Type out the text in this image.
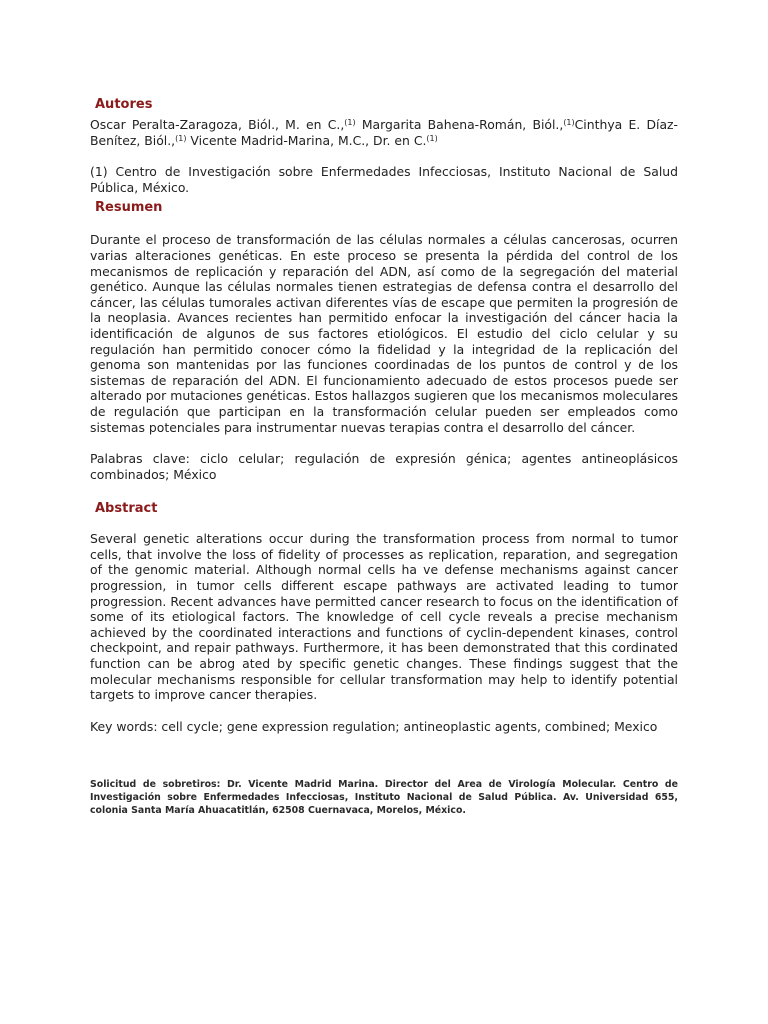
Autores

Oscar Peralta-Zaragoza, Biól., M. en C.,$^{(1)}$ Margarita Bahena-Román, Biól.,$^{(1)}$Cinthya E. Díaz-Benítez, Biól.,$^{(1)}$ Vicente Madrid-Marina, M.C., Dr. en C.$^{(1)}$

(1) Centro de Investigación sobre Enfermedades Infecciosas, Instituto Nacional de Salud Pública, México.

Resumen

Durante el proceso de transformación de las células normales a células cancerosas, ocurren varias alteraciones genéticas. En este proceso se presenta la pérdida del control de los mecanismos de replicación y reparación del ADN, así como de la segregación del material genético. Aunque las células normales tienen estrategias de defensa contra el desarrollo del cáncer, las células tumorales activan diferentes vías de escape que permiten la progresión de la neoplasia. Avances recientes han permitido enfocar la investigación del cáncer hacia la identificación de algunos de sus factores etiológicos. El estudio del ciclo celular y su regulación han permitido conocer cómo la fidelidad y la integridad de la replicación del genoma son mantenidas por las funciones coordinadas de los puntos de control y de los sistemas de reparación del ADN. El funcionamiento adecuado de estos procesos puede ser alterado por mutaciones genéticas. Estos hallazgos sugieren que los mecanismos moleculares de regulación que participan en la transformación celular pueden ser empleados como sistemas potenciales para instrumentar nuevas terapias contra el desarrollo del cáncer.

Palabras clave: ciclo celular; regulación de expresión génica; agentes antineoplásicos combinados; México

Abstract

Several genetic alterations occur during the transformation process from normal to tumor cells, that involve the loss of fidelity of processes as replication, reparation, and segregation of the genomic material. Although normal cells ha ve defense mechanisms against cancer progression, in tumor cells different escape pathways are activated leading to tumor progression. Recent advances have permitted cancer research to focus on the identification of some of its etiological factors. The knowledge of cell cycle reveals a precise mechanism achieved by the coordinated interactions and functions of cyclin-dependent kinases, control checkpoint, and repair pathways. Furthermore, it has been demonstrated that this cordinated function can be abrog ated by specific genetic changes. These findings suggest that the molecular mechanisms responsible for cellular transformation may help to identify potential targets to improve cancer therapies.

Key words: cell cycle; gene expression regulation; antineoplastic agents, combined; Mexico

Solicitud de sobretiros: Dr. Vicente Madrid Marina. Director del Area de Virología Molecular. Centro de Investigación sobre Enfermedades Infecciosas, Instituto Nacional de Salud Pública. Av. Universidad 655, colonia Santa María Ahuacatitlán, 62508 Cuernavaca, Morelos, México.
